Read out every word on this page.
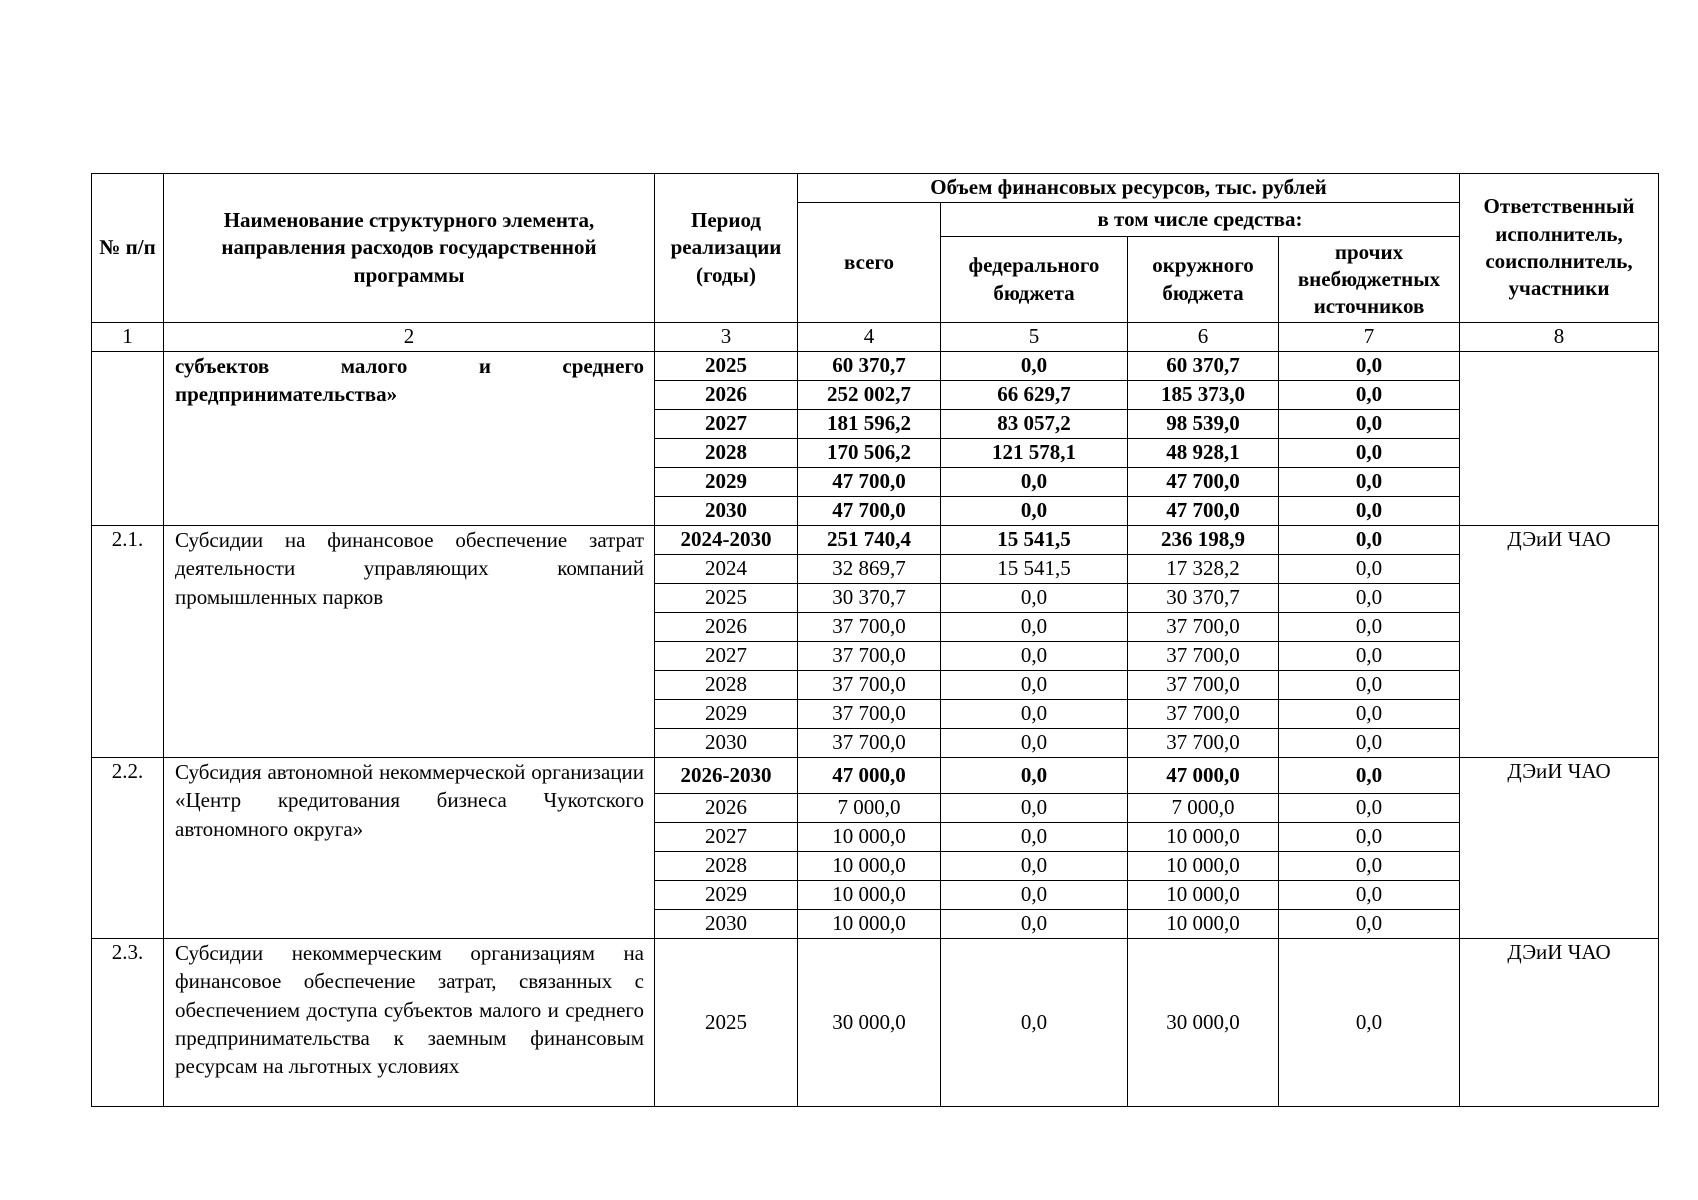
№ п/п	Наименование структурного элемента, направления расходов государственной программы	Период реализации (годы)	Объем финансовых ресурсов, тыс. рублей				Ответственный исполнитель, соисполнитель, участники
			всего	в том числе средства:			
				федерального бюджета	окружного бюджета	прочих внебюджетных источников	
1	2	3	4	5	6	7	8
	субъектов малого и среднего предпринимательства»	2025	60 370,7	0,0	60 370,7	0,0	
		2026	252 002,7	66 629,7	185 373,0	0,0	
		2027	181 596,2	83 057,2	98 539,0	0,0	
		2028	170 506,2	121 578,1	48 928,1	0,0	
		2029	47 700,0	0,0	47 700,0	0,0	
		2030	47 700,0	0,0	47 700,0	0,0	
2.1.	Субсидии на финансовое обеспечение затрат деятельности управляющих компаний промышленных парков	2024-2030	251 740,4	15 541,5	236 198,9	0,0	ДЭиИ ЧАО
		2024	32 869,7	15 541,5	17 328,2	0,0	
		2025	30 370,7	0,0	30 370,7	0,0	
		2026	37 700,0	0,0	37 700,0	0,0	
		2027	37 700,0	0,0	37 700,0	0,0	
		2028	37 700,0	0,0	37 700,0	0,0	
		2029	37 700,0	0,0	37 700,0	0,0	
		2030	37 700,0	0,0	37 700,0	0,0	
2.2.	Субсидия автономной некоммерческой организации «Центр кредитования бизнеса Чукотского автономного округа»	2026-2030	47 000,0	0,0	47 000,0	0,0	ДЭиИ ЧАО
		2026	7 000,0	0,0	7 000,0	0,0	
		2027	10 000,0	0,0	10 000,0	0,0	
		2028	10 000,0	0,0	10 000,0	0,0	
		2029	10 000,0	0,0	10 000,0	0,0	
		2030	10 000,0	0,0	10 000,0	0,0	
2.3.	Субсидии некоммерческим организациям на финансовое обеспечение затрат, связанных с обеспечением доступа субъектов малого и среднего предпринимательства к заемным финансовым ресурсам на льготных условиях	2025	30 000,0	0,0	30 000,0	0,0	ДЭиИ ЧАО
